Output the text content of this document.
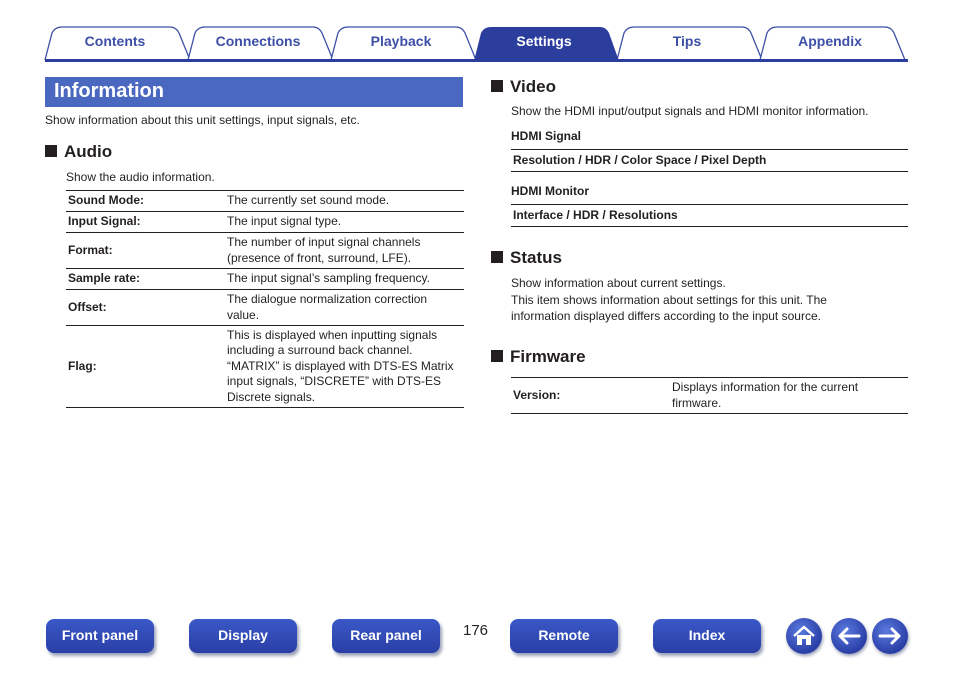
Contents	Connections	Playback	Settings	Tips	Appendix
Information
Show information about this unit settings, input signals, etc.
Audio
Show the audio information.
Sound Mode:	The currently set sound mode.
Input Signal:	The input signal type.
Format:	The number of input signal channels (presence of front, surround, LFE).
Sample rate:	The input signal’s sampling frequency.
Offset:	The dialogue normalization correction value.
Flag:	This is displayed when inputting signals including a surround back channel. “MATRIX” is displayed with DTS-ES Matrix input signals, “DISCRETE” with DTS-ES Discrete signals.
Video
Show the HDMI input/output signals and HDMI monitor information.
HDMI Signal
Resolution / HDR / Color Space / Pixel Depth
HDMI Monitor
Interface / HDR / Resolutions
Status
Show information about current settings.
This item shows information about settings for this unit. The
information displayed differs according to the input source.
Firmware
Version:	Displays information for the current firmware.
Front panel	Display	Rear panel	176	Remote	Index
